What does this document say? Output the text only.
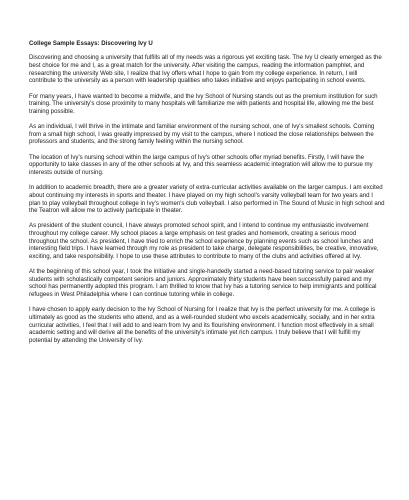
College Sample Essays: Discovering Ivy U

Discovering and choosing a university that fulfills all of my needs was a rigorous yet exciting task. The Ivy U clearly emerged as the best choice for me and I, as a great match for the university. After visiting the campus, reading the information pamphlet, and researching the university Web site, I realize that Ivy offers what I hope to gain from my college experience. In return, I will contribute to the university as a person with leadership qualities who takes initiative and enjoys participating in school events.

For many years, I have wanted to become a midwife, and the Ivy School of Nursing stands out as the premium institution for such training. The university's close proximity to many hospitals will familiarize me with patients and hospital life, allowing me the best training possible.

As an individual, I will thrive in the intimate and familiar environment of the nursing school, one of Ivy's smallest schools. Coming from a small high school, I was greatly impressed by my visit to the campus, where I noticed the close relationships between the professors and students, and the strong family feeling within the nursing school.

The location of Ivy's nursing school within the large campus of Ivy's other schools offer myriad benefits. Firstly, I will have the opportunity to take classes in any of the other schools at Ivy, and this seamless academic integration will allow me to pursue my interests outside of nursing.

In addition to academic breadth, there are a greater variety of extra-curricular activities available on the larger campus. I am excited about continuing my interests in sports and theater. I have played on my high school's varsity volleyball team for two years and I plan to play volleyball throughout college in Ivy's women's club volleyball. I also performed in The Sound of Music in high school and the Teatron will allow me to actively participate in theater.

As president of the student council, I have always promoted school spirit, and I intend to continue my enthusiastic involvement throughout my college career. My school places a large emphasis on test grades and homework, creating a serious mood throughout the school. As president, I have tried to enrich the school experience by planning events such as school lunches and interesting field trips. I have learned through my role as president to take charge, delegate responsibilities, be creative, innovative, exciting, and take responsibility. I hope to use these attributes to contribute to many of the clubs and activities offered at Ivy.

At the beginning of this school year, I took the initiative and single-handedly started a need-based tutoring service to pair weaker students with scholastically competent seniors and juniors. Approximately thirty students have been successfully paired and my school has permanently adopted this program. I am thrilled to know that Ivy has a tutoring service to help immigrants and political refugees in West Philadelphia where I can continue tutoring while in college.

I have chosen to apply early decision to the Ivy School of Nursing for I realize that Ivy is the perfect university for me. A college is ultimately as good as the students who attend, and as a well-rounded student who excels academically, socially, and in her extra curricular activities, I feel that I will add to and learn from Ivy and its flourishing environment. I function most effectively in a small academic setting and will derive all the benefits of the university's intimate yet rich campus. I truly believe that I will fulfill my potential by attending the University of Ivy.
